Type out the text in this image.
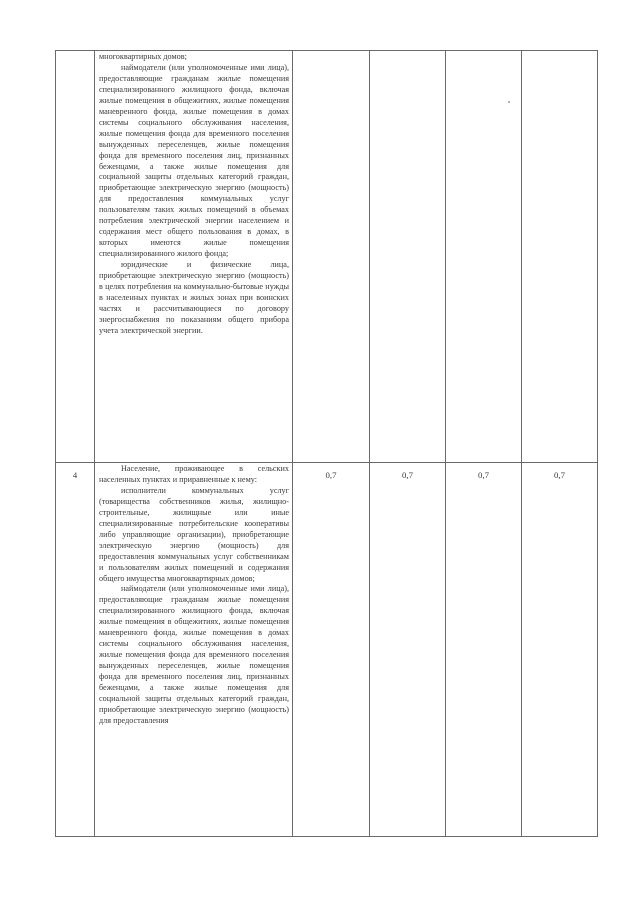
	многоквартирных домов;

наймодатели (или уполномоченные ими лица), предоставляющие гражданам жилые помещения специализированного жилищного фонда, включая жилые помещения в общежитиях, жилые помещения маневренного фонда, жилые помещения в домах системы социального обслуживания населения, жилые помещения фонда для временного поселения вынужденных переселенцев, жилые помещения фонда для временного поселения лиц, признанных беженцами, а также жилые помещения для социальной защиты отдельных категорий граждан, приобретающие электрическую энергию (мощность) для предоставления коммунальных услуг пользователям таких жилых помещений в объемах потребления электрической энергии населением и содержания мест общего пользования в домах, в которых имеются жилые помещения специализированного жилого фонда;

юридические и физические лица, приобретающие электрическую энергию (мощность) в целях потребления на коммунально-бытовые нужды в населенных пунктах и жилых зонах при воинских частях и рассчитывающиеся по договору энергоснабжения по показаниям общего прибора учета электрической энергии.				

4	Население, проживающее в сельских населенных пунктах и приравненные к нему:

исполнители коммунальных услуг (товарищества собственников жилья, жилищно-строительные, жилищные или иные специализированные потребительские кооперативы либо управляющие организации), приобретающие электрическую энергию (мощность) для предоставления коммунальных услуг собственникам и пользователям жилых помещений и содержания общего имущества многоквартирных домов;

наймодатели (или уполномоченные ими лица), предоставляющие гражданам жилые помещения специализированного жилищного фонда, включая жилые помещения в общежитиях, жилые помещения маневренного фонда, жилые помещения в домах системы социального обслуживания населения, жилые помещения фонда для временного поселения вынужденных переселенцев, жилые помещения фонда для временного поселения лиц, признанных беженцами, а также жилые помещения для социальной защиты отдельных категорий граждан, приобретающие электрическую энергию (мощность) для предоставления	0,7	0,7	0,7	0,7
